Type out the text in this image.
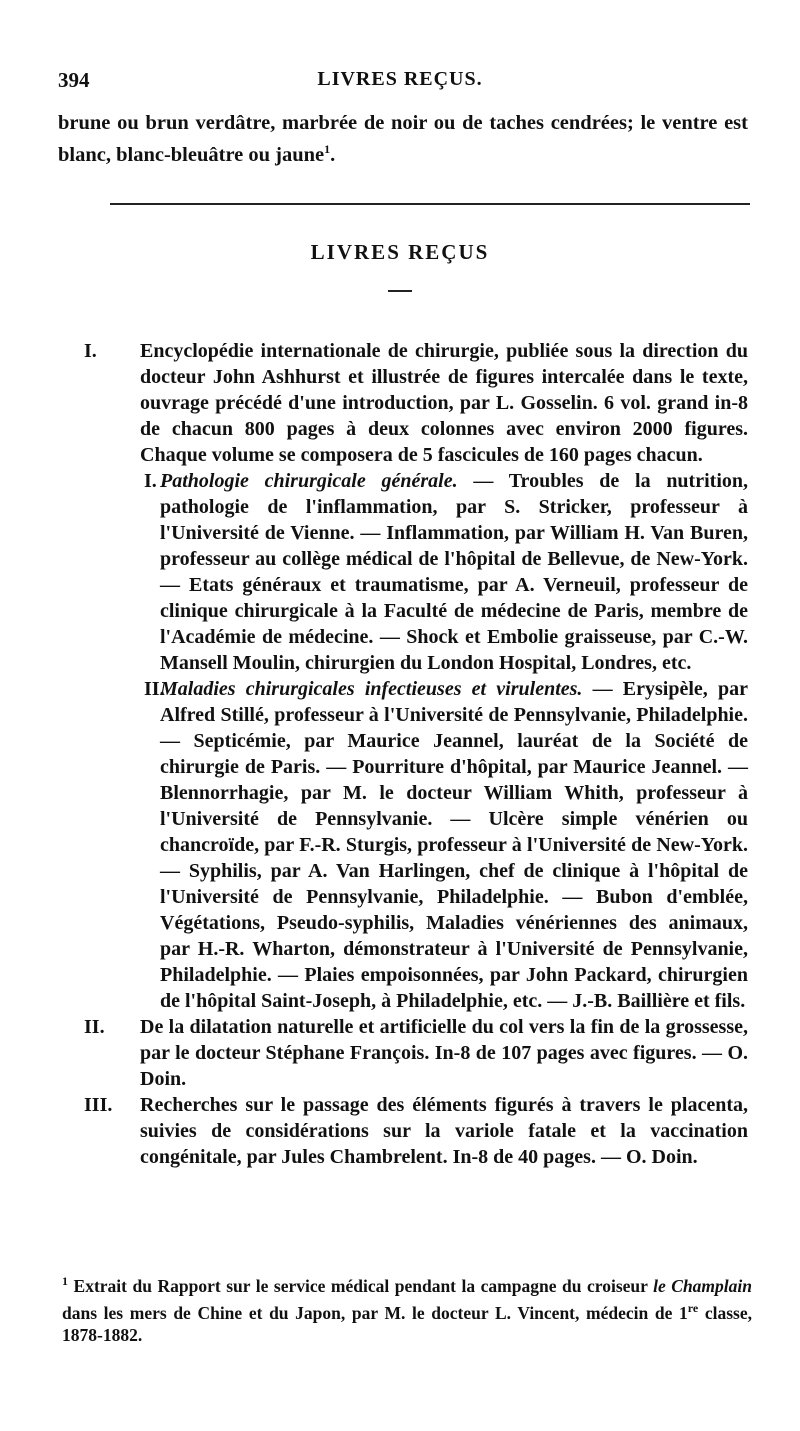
394	LIVRES REÇUS.
brune ou brun verdâtre, marbrée de noir ou de taches cendrées; le ventre est blanc, blanc-bleuâtre ou jaune$^1$.
LIVRES REÇUS
I. Encyclopédie internationale de chirurgie, publiée sous la direction du docteur John Ashhurst et illustrée de figures intercalée dans le texte, ouvrage précédé d'une introduction, par L. Gosselin. 6 vol. grand in-8 de chacun 800 pages à deux colonnes avec environ 2000 figures. Chaque volume se composera de 5 fascicules de 160 pages chacun.
I. Pathologie chirurgicale générale. — Troubles de la nutrition, pathologie de l'inflammation, par S. Stricker, professeur à l'Université de Vienne. — Inflammation, par William H. Van Buren, professeur au collège médical de l'hôpital de Bellevue, de New-York. — Etats généraux et traumatisme, par A. Verneuil, professeur de clinique chirurgicale à la Faculté de médecine de Paris, membre de l'Académie de médecine. — Shock et Embolie graisseuse, par C.-W. Mansell Moulin, chirurgien du London Hospital, Londres, etc.
II.
Maladies chirurgicales infectieuses et virulentes. — Erysipèle, par Alfred Stillé, professeur à l'Université de Pennsylvanie, Philadelphie. — Septicémie, par Maurice Jeannel, lauréat de la Société de chirurgie de Paris. — Pourriture d'hôpital, par Maurice Jeannel. — Blennorrhagie, par M. le docteur William Whith, professeur à l'Université de Pennsylvanie. — Ulcère simple vénérien ou chancroïde, par F.-R. Sturgis, professeur à l'Université de New-York. — Syphilis, par A. Van Harlingen, chef de clinique à l'hôpital de l'Université de Pennsylvanie, Philadelphie. — Bubon d'emblée, Végétations, Pseudo-syphilis, Maladies vénériennes des animaux, par H.-R. Wharton, démonstrateur à l'Université de Pennsylvanie, Philadelphie. — Plaies empoisonnées, par John Packard, chirurgien de l'hôpital Saint-Joseph, à Philadelphie, etc. — J.-B. Baillière et fils.
II. De la dilatation naturelle et artificielle du col vers la fin de la grossesse, par le docteur Stéphane François. In-8 de 107 pages avec figures. — O. Doin.
III. Recherches sur le passage des éléments figurés à travers le placenta, suivies de considérations sur la variole fatale et la vaccination congénitale, par Jules Chambrelent. In-8 de 40 pages. — O. Doin.
$^1$ Extrait du Rapport sur le service médical pendant la campagne du croiseur le Champlain dans les mers de Chine et du Japon, par M. le docteur L. Vincent, médecin de 1re classe, 1878-1882.
